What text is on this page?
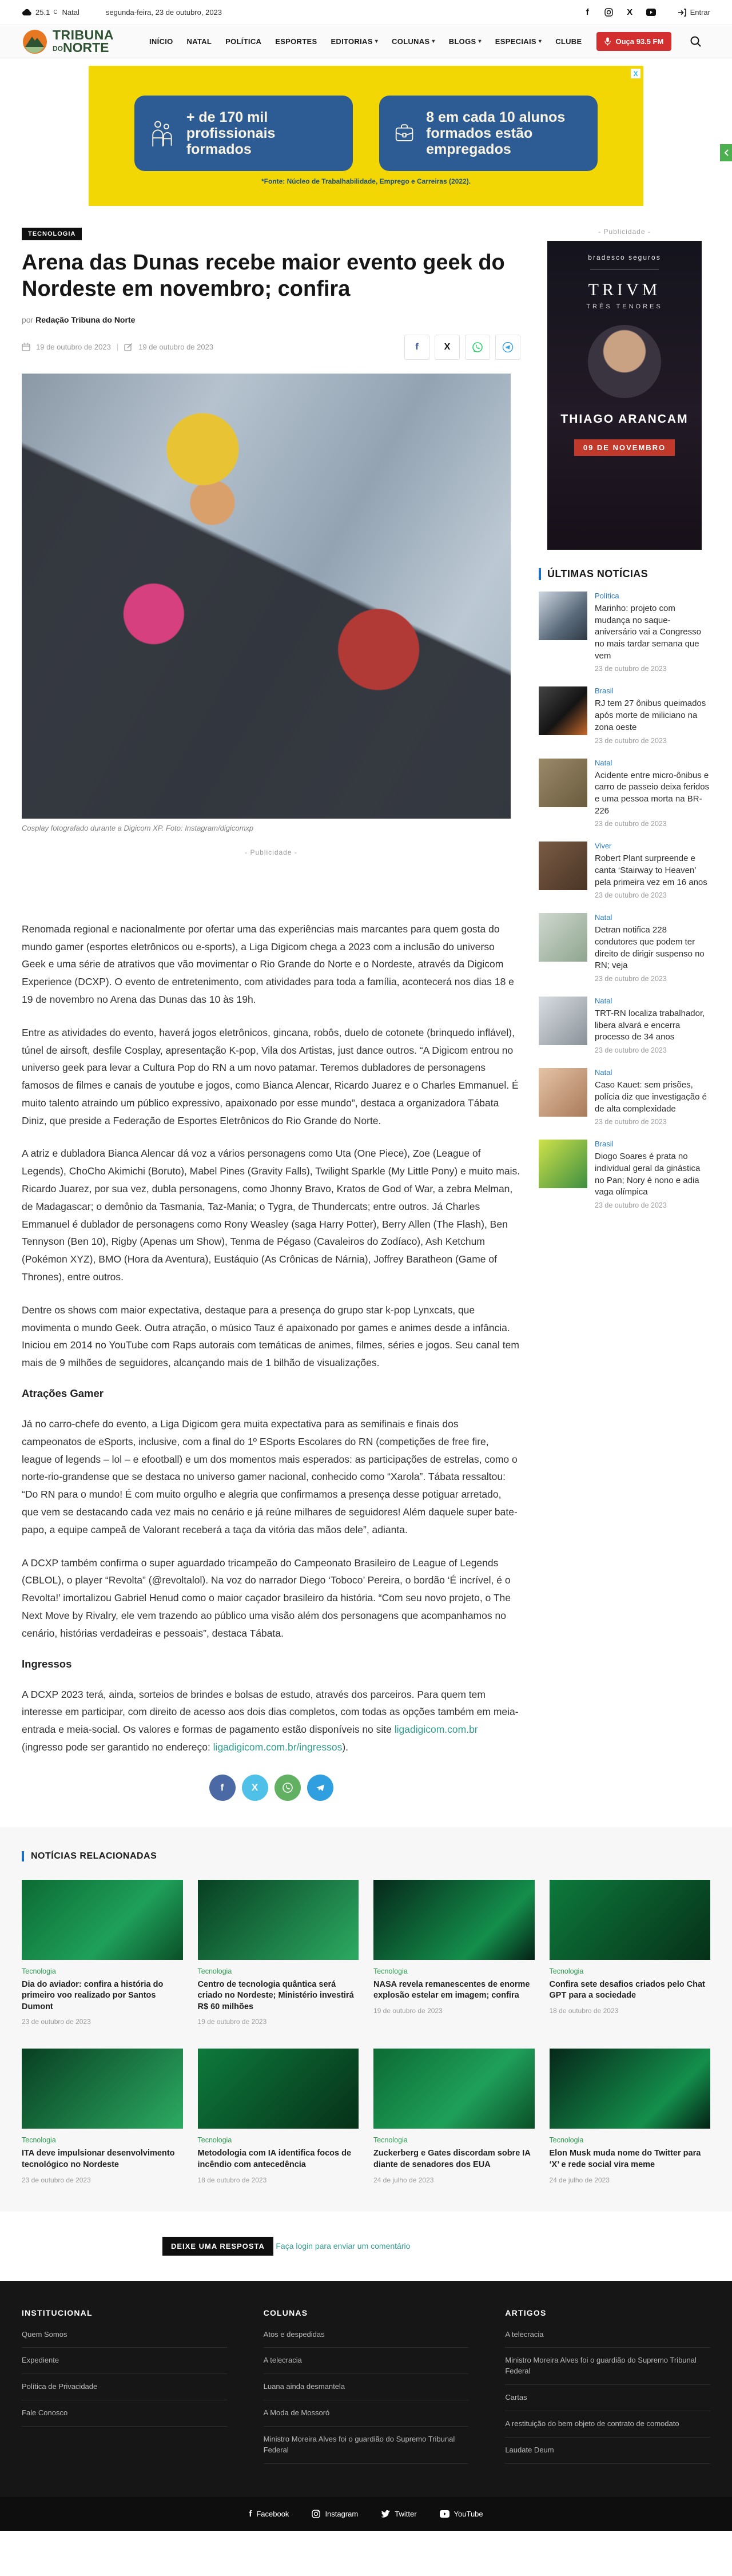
25.1 C Natal	segunda-feira, 23 de outubro, 2023	f	X	Entrar
TRIBUNA
DONORTE	INÍCIO NATAL POLÍTICA ESPORTES EDITORIAS ▾ COLUNAS ▾ BLOGS ▾ ESPECIAIS ▾ CLUBE	Ouça 93.5 FM
X
+ de 170 mil profissionais formados
8 em cada 10 alunos formados estão empregados
*Fonte: Núcleo de Trabalhabilidade, Emprego e Carreiras (2022).
TECNOLOGIA
Arena das Dunas recebe maior evento geek do Nordeste em novembro; confira
por Redação Tribuna do Norte
19 de outubro de 2023 |	19 de outubro de 2023	f	X
Cosplay fotografado durante a Digicom XP. Foto: Instagram/digicomxp
- Publicidade -

Renomada regional e nacionalmente por ofertar uma das experiências mais marcantes para quem gosta do mundo gamer (esportes eletrônicos ou e-sports), a Liga Digicom chega a 2023 com a inclusão do universo Geek e uma série de atrativos que vão movimentar o Rio Grande do Norte e o Nordeste, através da Digicom Experience (DCXP). O evento de entretenimento, com atividades para toda a família, acontecerá nos dias 18 e 19 de novembro no Arena das Dunas das 10 às 19h.

Entre as atividades do evento, haverá jogos eletrônicos, gincana, robôs, duelo de cotonete (brinquedo inflável), túnel de airsoft, desfile Cosplay, apresentação K-pop, Vila dos Artistas, just dance outros. “A Digicom entrou no universo geek para levar a Cultura Pop do RN a um novo patamar. Teremos dubladores de personagens famosos de filmes e canais de youtube e jogos, como Bianca Alencar, Ricardo Juarez e o Charles Emmanuel. É muito talento atraindo um público expressivo, apaixonado por esse mundo”, destaca a organizadora Tábata Diniz, que preside a Federação de Esportes Eletrônicos do Rio Grande do Norte.

A atriz e dubladora Bianca Alencar dá voz a vários personagens como Uta (One Piece), Zoe (League of Legends), ChoCho Akimichi (Boruto), Mabel Pines (Gravity Falls), Twilight Sparkle (My Little Pony) e muito mais. Ricardo Juarez, por sua vez, dubla personagens, como Jhonny Bravo, Kratos de God of War, a zebra Melman, de Madagascar; o demônio da Tasmania, Taz-Mania; o Tygra, de Thundercats; entre outros. Já Charles Emmanuel é dublador de personagens como Rony Weasley (saga Harry Potter), Berry Allen (The Flash), Ben Tennyson (Ben 10), Rigby (Apenas um Show), Tenma de Pégaso (Cavaleiros do Zodíaco), Ash Ketchum (Pokémon XYZ), BMO (Hora da Aventura), Eustáquio (As Crônicas de Nárnia), Joffrey Baratheon (Game of Thrones), entre outros.

Dentre os shows com maior expectativa, destaque para a presença do grupo star k-pop Lynxcats, que movimenta o mundo Geek. Outra atração, o músico Tauz é apaixonado por games e animes desde a infância. Iniciou em 2014 no YouTube com Raps autorais com temáticas de animes, filmes, séries e jogos. Seu canal tem mais de 9 milhões de seguidores, alcançando mais de 1 bilhão de visualizações.

Atrações Gamer

Já no carro-chefe do evento, a Liga Digicom gera muita expectativa para as semifinais e finais dos campeonatos de eSports, inclusive, com a final do 1º ESports Escolares do RN (competições de free fire, league of legends – lol – e efootball) e um dos momentos mais esperados: as participações de estrelas, como o norte-rio-grandense que se destaca no universo gamer nacional, conhecido como “Xarola”. Tábata ressaltou: “Do RN para o mundo! É com muito orgulho e alegria que confirmamos a presença desse potiguar arretado, que vem se destacando cada vez mais no cenário e já reúne milhares de seguidores! Além daquele super bate-papo, a equipe campeã de Valorant receberá a taça da vitória das mãos dele”, adianta.

A DCXP também confirma o super aguardado tricampeão do Campeonato Brasileiro de League of Legends (CBLOL), o player “Revolta” (@revoltalol). Na voz do narrador Diego ‘Toboco’ Pereira, o bordão ‘É incrível, é o Revolta!’ imortalizou Gabriel Henud como o maior caçador brasileiro da história. “Com seu novo projeto, o The Next Move by Rivalry, ele vem trazendo ao público uma visão além dos personagens que acompanhamos no cenário, histórias verdadeiras e pessoais”, destaca Tábata.

Ingressos

A DCXP 2023 terá, ainda, sorteios de brindes e bolsas de estudo, através dos parceiros. Para quem tem interesse em participar, com direito de acesso aos dois dias completos, com todas as opções também em meia-entrada e meia-social. Os valores e formas de pagamento estão disponíveis no site ligadigicom.com.br (ingresso pode ser garantido no endereço: ligadigicom.com.br/ingressos).

f	X
- Publicidade -
bradesco seguros
TRIVM
TRÊS TENORES
THIAGO ARANCAM
09 DE NOVEMBRO
ÚLTIMAS NOTÍCIAS
Política
Marinho: projeto com mudança no saque-aniversário vai a Congresso no mais tardar semana que vem
23 de outubro de 2023
Brasil
RJ tem 27 ônibus queimados após morte de miliciano na zona oeste
23 de outubro de 2023
Natal
Acidente entre micro-ônibus e carro de passeio deixa feridos e uma pessoa morta na BR-226
23 de outubro de 2023
Viver
Robert Plant surpreende e canta ‘Stairway to Heaven’ pela primeira vez em 16 anos
23 de outubro de 2023
Natal
Detran notifica 228 condutores que podem ter direito de dirigir suspenso no RN; veja
23 de outubro de 2023
Natal
TRT-RN localiza trabalhador, libera alvará e encerra processo de 34 anos
23 de outubro de 2023
Natal
Caso Kauet: sem prisões, polícia diz que investigação é de alta complexidade
23 de outubro de 2023
Brasil
Diogo Soares é prata no individual geral da ginástica no Pan; Nory é nono e adia vaga olímpica
23 de outubro de 2023
NOTÍCIAS RELACIONADAS
Tecnologia
Dia do aviador: confira a história do primeiro voo realizado por Santos Dumont
23 de outubro de 2023
Tecnologia
Centro de tecnologia quântica será criado no Nordeste; Ministério investirá R$ 60 milhões
19 de outubro de 2023
Tecnologia
NASA revela remanescentes de enorme explosão estelar em imagem; confira
19 de outubro de 2023
Tecnologia
Confira sete desafios criados pelo Chat GPT para a sociedade
18 de outubro de 2023
Tecnologia
ITA deve impulsionar desenvolvimento tecnológico no Nordeste
23 de outubro de 2023
Tecnologia
Metodologia com IA identifica focos de incêndio com antecedência
18 de outubro de 2023
Tecnologia
Zuckerberg e Gates discordam sobre IA diante de senadores dos EUA
24 de julho de 2023
Tecnologia
Elon Musk muda nome do Twitter para ‘X’ e rede social vira meme
24 de julho de 2023
DEIXE UMA RESPOSTA Faça login para enviar um comentário
INSTITUCIONAL
Quem Somos
Expediente
Política de Privacidade
Fale Conosco
COLUNAS
Atos e despedidas
A telecracia
Luana ainda desmantela
A Moda de Mossoró
Ministro Moreira Alves foi o guardião do Supremo Tribunal Federal
ARTIGOS
A telecracia
Ministro Moreira Alves foi o guardião do Supremo Tribunal Federal
Cartas
A restituição do bem objeto de contrato de comodato
Laudate Deum
f Facebook	Instagram	Twitter	YouTube
